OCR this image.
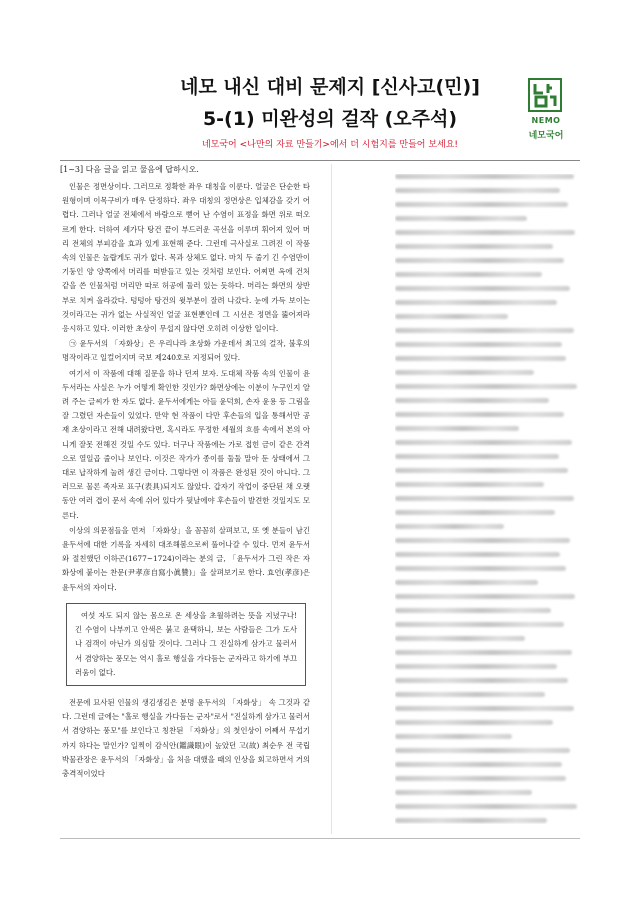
네모 내신 대비 문제지 [신사고(민)]
5-(1) 미완성의 걸작 (오주석)
네모국어 <나만의 자료 만들기>에서 더 시험지를 만들어 보세요!
NEMO
네모국어
[1~3] 다음 글을 읽고 물음에 답하시오.

인물은 정면상이다. 그러므로 정확한 좌우 대칭을 이룬다. 얼굴은 단순한 타원형이며 이목구비가 매우 단정하다. 좌우 대칭의 정면상은 입체감을 갖기 어렵다. 그러나 얼굴 전체에서 바람으로 뻗어 난 수염이 표정을 화면 위로 떠오르게 한다. 더하여 세가닥 탕건 끝이 부드러운 곡선을 이루며 휘어져 있어 머리 전체의 부피감을 효과 있게 표현해 준다. 그런데 극사실로 그려진 이 작품 속의 인물은 놀랍게도 귀가 없다. 목과 상체도 없다. 마치 두 줄기 긴 수염만이 기둥인 양 양쪽에서 머리를 떠받들고 있는 것처럼 보인다. 어찌면 옥에 건처 같을 쓴 인물처럼 머리만 따로 허공에 둘러 있는 듯하다. 머리는 화면의 상반부로 치켜 올라갔다. 텅텅아 탕건의 윗부분이 잘려 나갔다. 눈에 가득 보이는 것이라고는 귀가 없는 사실적인 얼굴 표현뿐인데 그 시선은 정면을 뚫어져라 응시하고 있다. 이러한 초상이 무섭지 않다면 오히려 이상한 일이다.

㉠ 윤두서의 「자화상」은 우리나라 초상화 가운데서 최고의 걸작, 불후의 명작이라고 일컬어지며 국보 제240호로 지정되어 있다.

여기서 이 작품에 대해 질문을 하나 던져 보자. 도대체 작품 속의 인물이 윤두서라는 사실은 누가 어떻게 확인한 것인가? 화면상에는 이분이 누구인지 알려 주는 글씨가 한 자도 없다. 윤두서에게는 아들 윤덕희, 손자 윤용 등 그림을 잘 그렸던 자손들이 있었다. 만약 현 작품이 다만 후손들의 입을 통해서만 공재 초상이라고 전해 내려왔다면, 혹시라도 무정한 세월의 흐름 속에서 본의 아니게 잘못 전해진 것일 수도 있다. 더구나 작품에는 가로 접힌 금이 같은 간격으로 열일곱 줄이나 보인다. 이것은 작가가 종이를 둘둘 말아 둔 상태에서 그대로 납작하게 눌려 생긴 금이다. 그렇다면 이 작품은 완성된 것이 아니다. 그러므로 물론 족자로 표구(表具)되지도 않았다. 갑자기 작업이 중단된 채 오랫동안 여러 겹이 문서 속에 쉬어 있다가 뒷날에야 후손들이 발견한 것일지도 모른다.

이상의 의문점들을 먼저 「자화상」을 꼼꼼히 살펴보고, 또 옛 분들이 남긴 윤두서에 대한 기록을 자세히 대조해봄으로써 풀어나갈 수 있다. 먼저 윤두서와 절친했던 이하곤(1677~1724)이라는 분의 글, 「윤두서가 그린 작은 자화상에 붙이는 찬문(尹孝彦自寫小眞贊)」을 살펴보기로 한다. 효언(孝彦)은 윤두서의 자이다.

여섯 자도 되지 않는 몸으로 온 세상을 초월하려는 뜻을 지녔구나! 긴 수염이 나부끼고 안색은 붉고 윤택하니, 보는 사람들은 그가 도사나 검객이 아닌가 의심할 것이다. 그러나 그 진실하게 삼가고 물러서서 겸양하는 풍모는 역시 홀로 행실을 가다듬는 군자라고 하기에 부끄러움이 없다.

전문에 묘사된 인물의 생김생김은 분명 윤두서의 「자화상」 속 그것과 같다. 그런데 글에는 "홀로 행실을 가다듬는 군자"로서 "진실하게 삼가고 물러서서 겸양하는 풍모"를 보인다고 칭찬된 「자화상」의 첫인상이 어째서 무섭기까지 하다는 말인가? 일찍이 감식안(鑑識眼)이 높았던 고(故) 최순우 전 국립 박물관장은 윤두서의 「자화상」을 처음 대했을 때의 인상을 회고하면서 거의 충격적이었다
